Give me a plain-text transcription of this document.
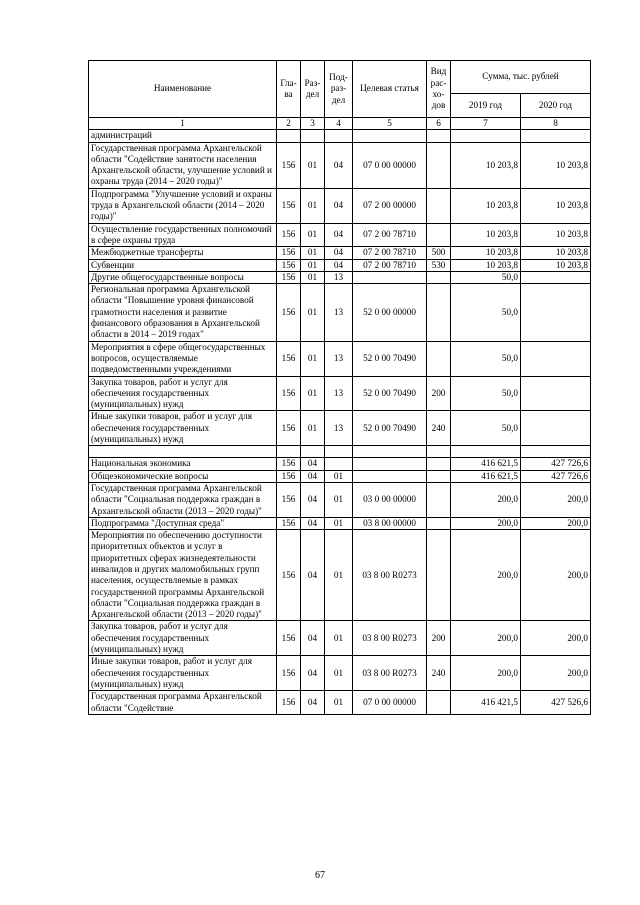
Наименование	Гла-ва	Раз-дел	Под-раз-дел	Целевая статья	Вид рас-хо-дов	Сумма, тыс. рублей	
						2019 год	2020 год
1	2	3	4	5	6	7	8
администраций							
Государственная программа Архангельской области "Содействие занятости населения Архангельской области, улучшение условий и охраны труда (2014 – 2020 годы)"	156	01	04	07 0 00 00000		10 203,8	10 203,8
Подпрограмма "Улучшение условий и охраны труда в Архангельской области (2014 – 2020 годы)"	156	01	04	07 2 00 00000		10 203,8	10 203,8
Осуществление государственных полномочий в сфере охраны труда	156	01	04	07 2 00 78710		10 203,8	10 203,8
Межбюджетные трансферты	156	01	04	07 2 00 78710	500	10 203,8	10 203,8
Субвенции	156	01	04	07 2 00 78710	530	10 203,8	10 203,8
Другие общегосударственные вопросы	156	01	13			50,0	
Региональная программа Архангельской области "Повышение уровня финансовой грамотности населения и развитие финансового образования в Архангельской области в 2014 – 2019 годах"	156	01	13	52 0 00 00000		50,0	
Мероприятия в сфере общегосударственных вопросов, осуществляемые подведомственными учреждениями	156	01	13	52 0 00 70490		50,0	
Закупка товаров, работ и услуг для обеспечения государственных (муниципальных) нужд	156	01	13	52 0 00 70490	200	50,0	
Иные закупки товаров, работ и услуг для обеспечения государственных (муниципальных) нужд	156	01	13	52 0 00 70490	240	50,0	

Национальная экономика	156	04				416 621,5	427 726,6
Общеэкономические вопросы	156	04	01			416 621,5	427 726,6
Государственная программа Архангельской области "Социальная поддержка граждан в Архангельской области (2013 – 2020 годы)"	156	04	01	03 0 00 00000		200,0	200,0
Подпрограмма "Доступная среда"	156	04	01	03 8 00 00000		200,0	200,0
Мероприятия по обеспечению доступности приоритетных объектов и услуг в приоритетных сферах жизнедеятельности инвалидов и других маломобильных групп населения, осуществляемые в рамках государственной программы Архангельской области "Социальная поддержка граждан в Архангельской области (2013 – 2020 годы)"	156	04	01	03 8 00 R0273		200,0	200,0
Закупка товаров, работ и услуг для обеспечения государственных (муниципальных) нужд	156	04	01	03 8 00 R0273	200	200,0	200,0
Иные закупки товаров, работ и услуг для обеспечения государственных (муниципальных) нужд	156	04	01	03 8 00 R0273	240	200,0	200,0
Государственная программа Архангельской области "Содействие	156	04	01	07 0 00 00000		416 421,5	427 526,6
67
